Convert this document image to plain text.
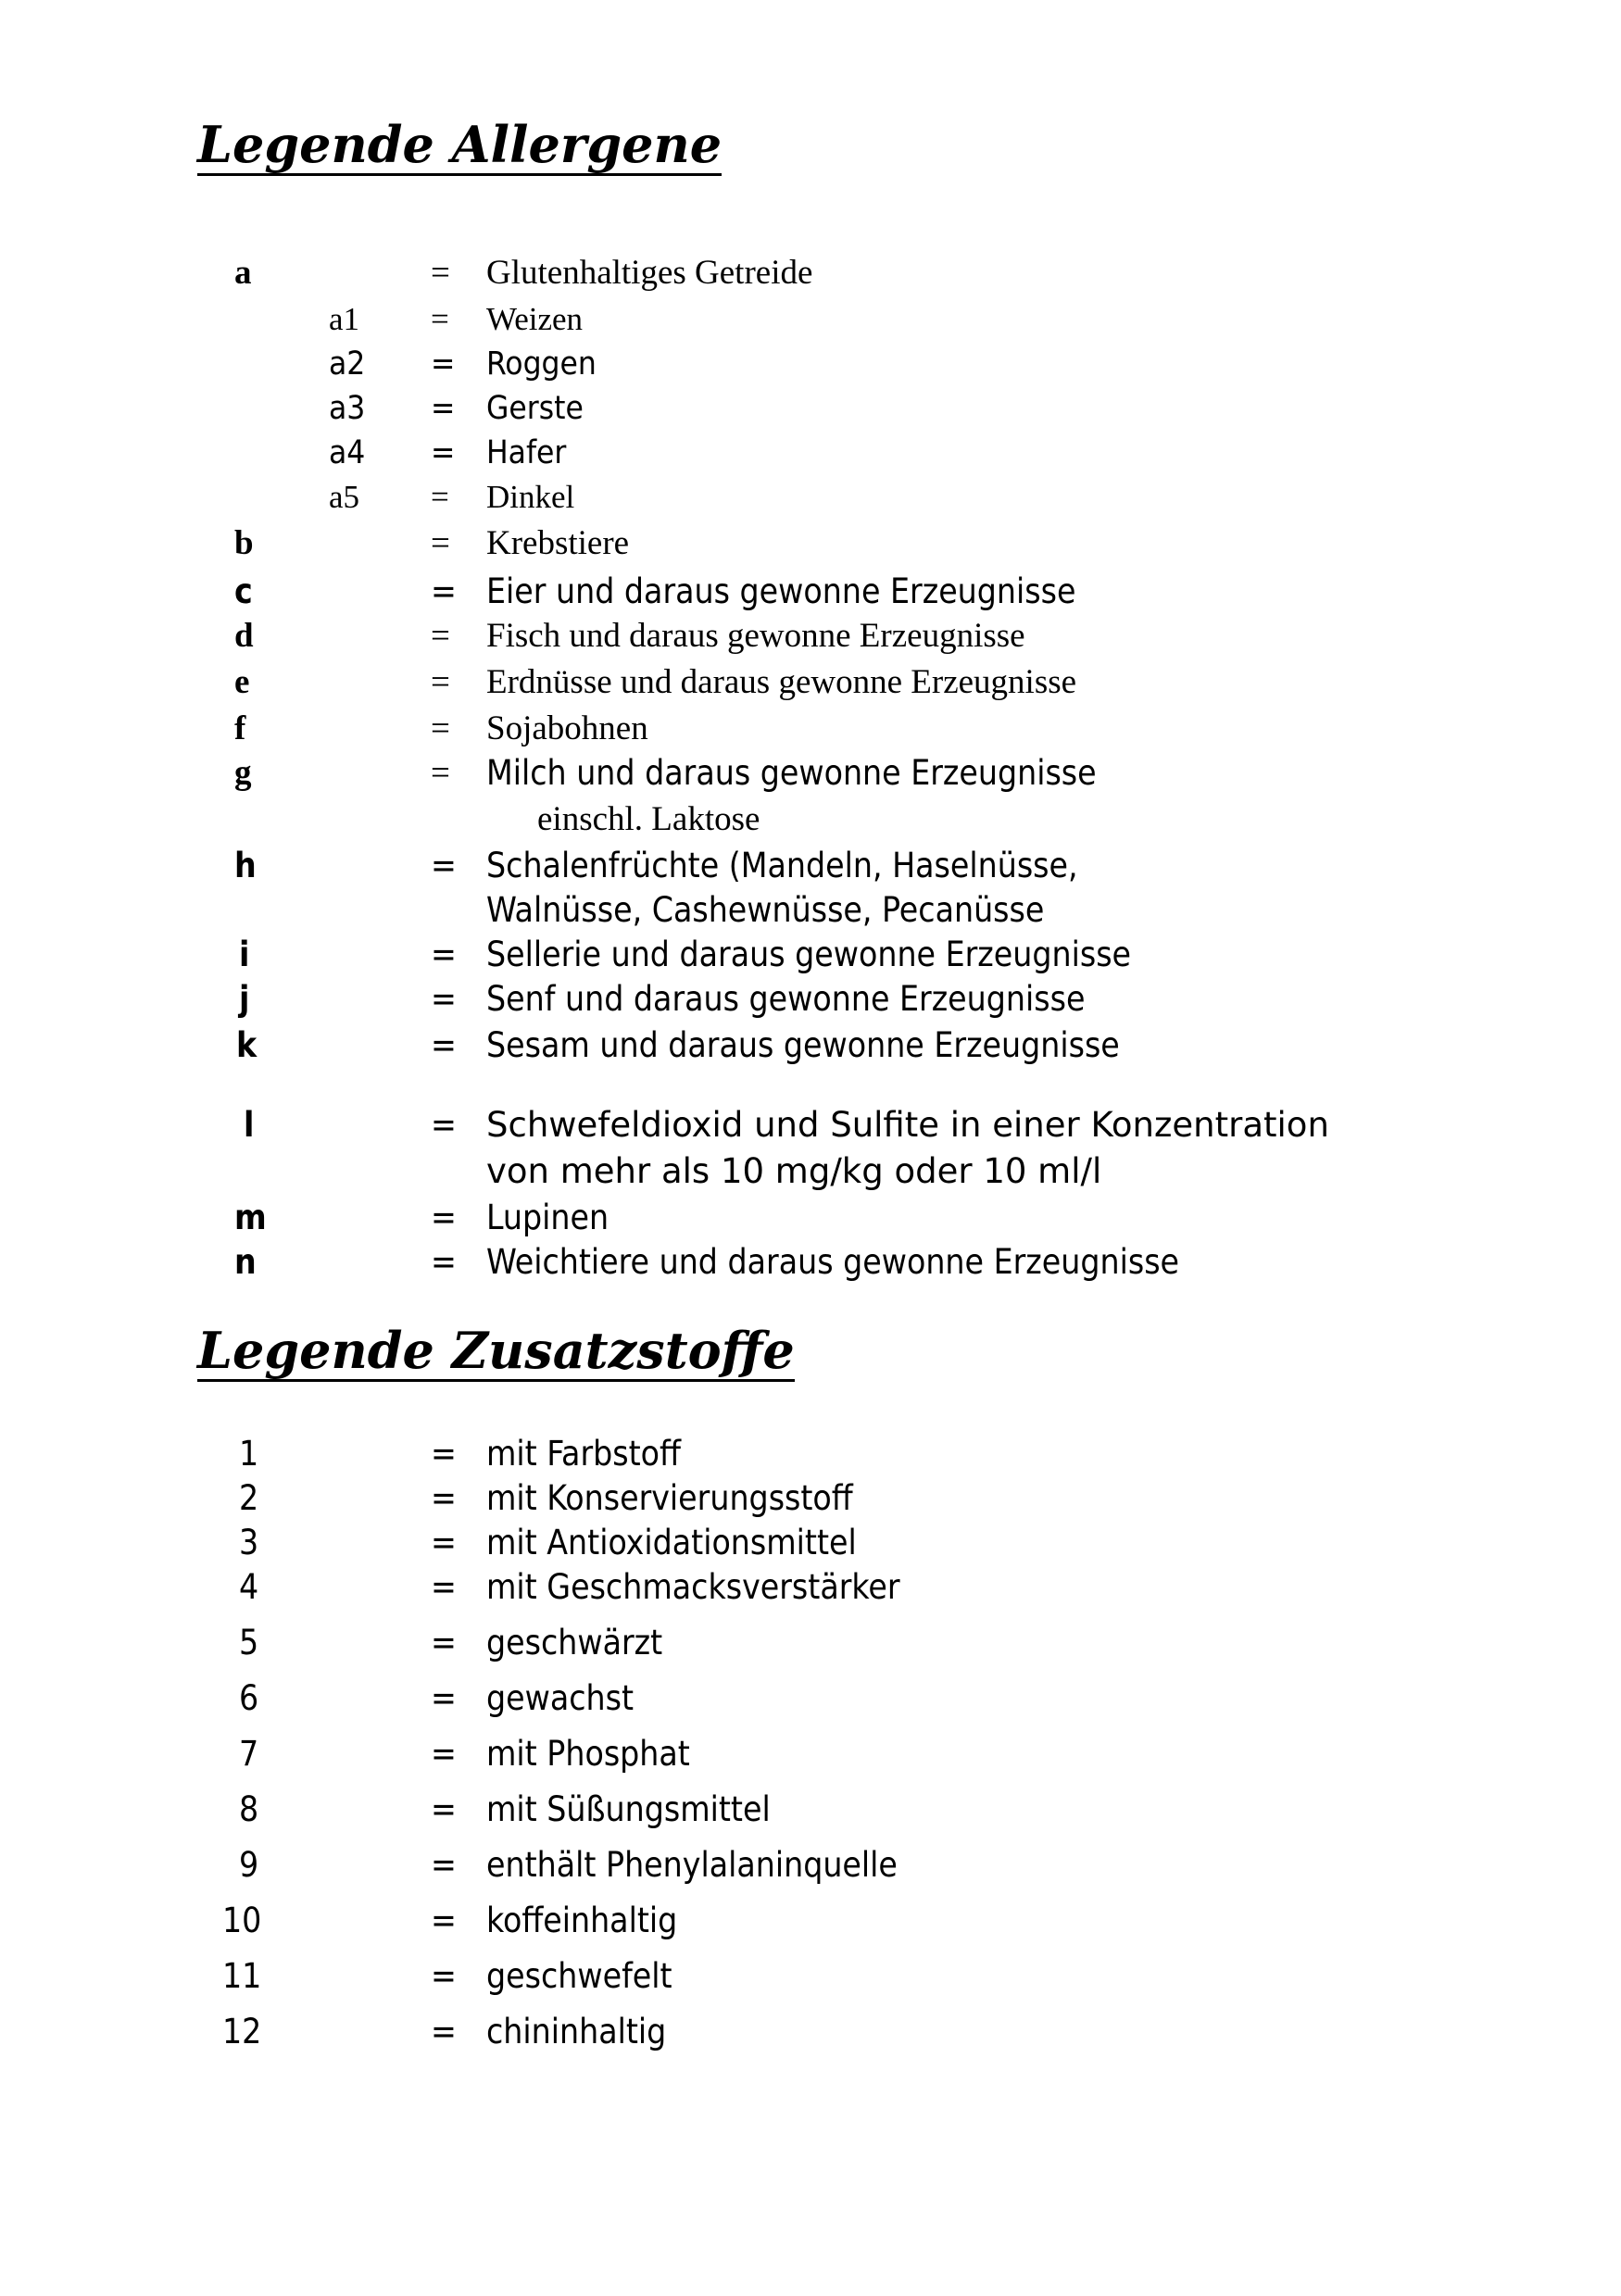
Legende Allergene
a	= Glutenhaltiges Getreide
a1 = Weizen
a2 = Roggen
a3 = Gerste
a4 = Hafer
a5 = Dinkel
b	= Krebstiere
c	= Eier und daraus gewonne Erzeugnisse
d	= Fisch und daraus gewonne Erzeugnisse
e	= Erdnüsse und daraus gewonne Erzeugnisse
f	= Sojabohnen
g	= Milch und daraus gewonne Erzeugnisse
einschl. Laktose
h	= Schalenfrüchte (Mandeln, Haselnüsse,
Walnüsse, Cashewnüsse, Pecanüsse
i	= Sellerie und daraus gewonne Erzeugnisse
j	= Senf und daraus gewonne Erzeugnisse
k	= Sesam und daraus gewonne Erzeugnisse
l	= Schwefeldioxid und Sulfite in einer Konzentration
von mehr als 10 mg/kg oder 10 ml/l
m	= Lupinen
n	= Weichtiere und daraus gewonne Erzeugnisse
Legende Zusatzstoffe
1	= mit Farbstoff
2	= mit Konservierungsstoff
3	= mit Antioxidationsmittel
4	= mit Geschmacksverstärker
5	= geschwärzt
6	= gewachst
7	= mit Phosphat
8	= mit Süßungsmittel
9	= enthält Phenylalaninquelle
10	= koffeinhaltig
11	= geschwefelt
12	= chininhaltig
